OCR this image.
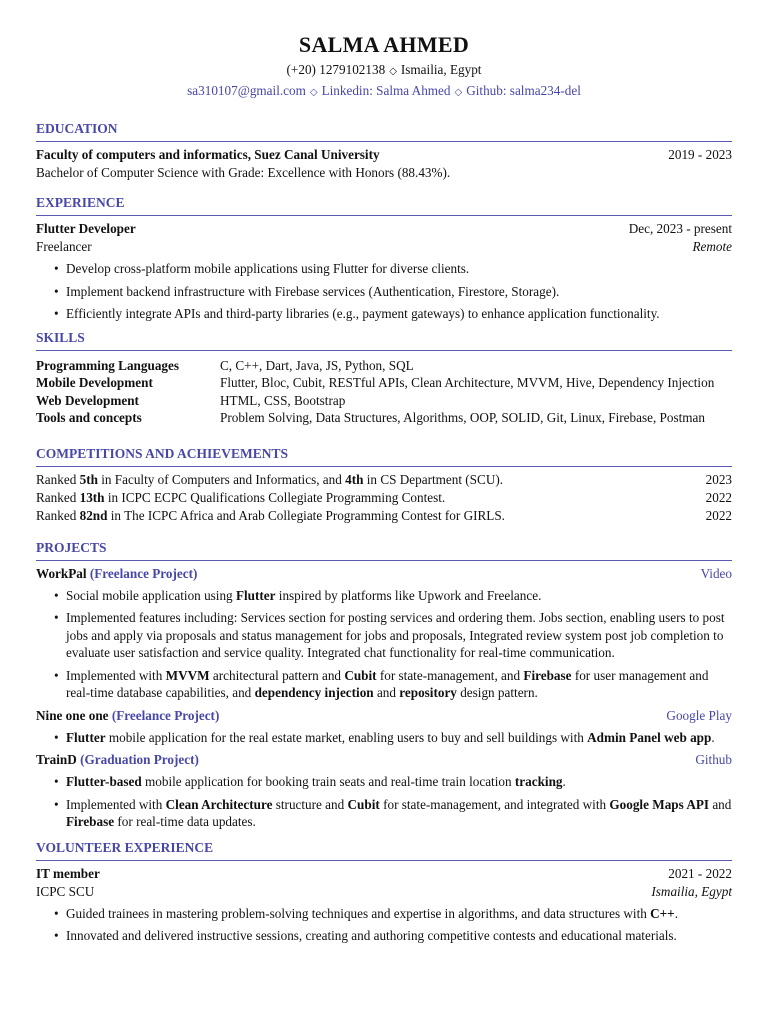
SALMA AHMED
(+20) 1279102138 ◇ Ismailia, Egypt
sa310107@gmail.com ◇ Linkedin: Salma Ahmed ◇ Github: salma234-del
EDUCATION
Faculty of computers and informatics, Suez Canal University	2019 - 2023
Bachelor of Computer Science with Grade: Excellence with Honors (88.43%).
EXPERIENCE
Flutter Developer	Dec, 2023 - present
Freelancer	Remote
• Develop cross-platform mobile applications using Flutter for diverse clients.
• Implement backend infrastructure with Firebase services (Authentication, Firestore, Storage).
• Efficiently integrate APIs and third-party libraries (e.g., payment gateways) to enhance application functionality.
SKILLS
Programming Languages	C, C++, Dart, Java, JS, Python, SQL
Mobile Development	Flutter, Bloc, Cubit, RESTful APIs, Clean Architecture, MVVM, Hive, Dependency Injection
Web Development	HTML, CSS, Bootstrap
Tools and concepts	Problem Solving, Data Structures, Algorithms, OOP, SOLID, Git, Linux, Firebase, Postman
COMPETITIONS AND ACHIEVEMENTS
Ranked 5th in Faculty of Computers and Informatics, and 4th in CS Department (SCU).	2023
Ranked 13th in ICPC ECPC Qualifications Collegiate Programming Contest.	2022
Ranked 82nd in The ICPC Africa and Arab Collegiate Programming Contest for GIRLS.	2022
PROJECTS
WorkPal (Freelance Project)	Video
• Social mobile application using Flutter inspired by platforms like Upwork and Freelance.
• Implemented features including: Services section for posting services and ordering them. Jobs section, enabling users to post jobs and apply via proposals and status management for jobs and proposals, Integrated review system post job completion to evaluate user satisfaction and service quality. Integrated chat functionality for real-time communication.
• Implemented with MVVM architectural pattern and Cubit for state-management, and Firebase for user management and real-time database capabilities, and dependency injection and repository design pattern.
Nine one one (Freelance Project)	Google Play
• Flutter mobile application for the real estate market, enabling users to buy and sell buildings with Admin Panel web app.
TrainD (Graduation Project)	Github
• Flutter-based mobile application for booking train seats and real-time train location tracking.
• Implemented with Clean Architecture structure and Cubit for state-management, and integrated with Google Maps API and Firebase for real-time data updates.
VOLUNTEER EXPERIENCE
IT member	2021 - 2022
ICPC SCU	Ismailia, Egypt
• Guided trainees in mastering problem-solving techniques and expertise in algorithms, and data structures with C++.
• Innovated and delivered instructive sessions, creating and authoring competitive contests and educational materials.
